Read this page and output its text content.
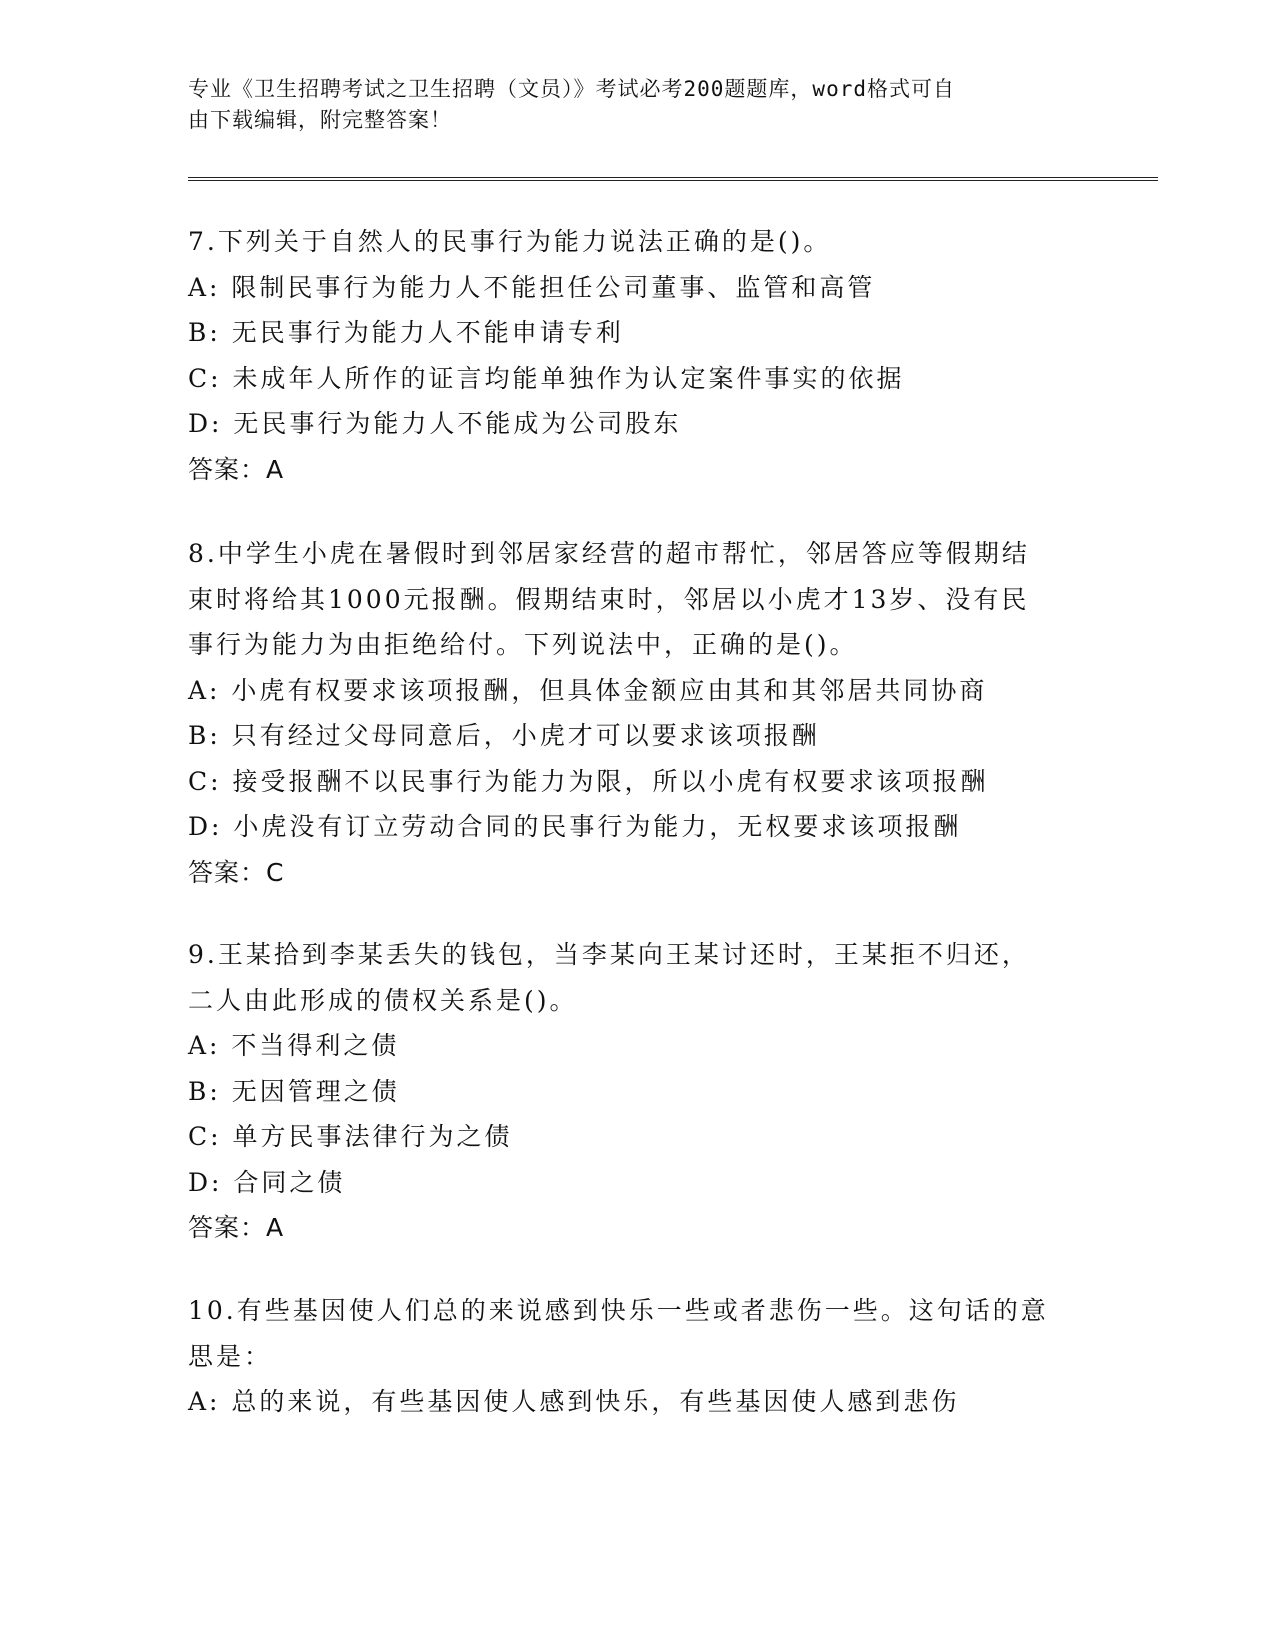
专业《卫生招聘考试之卫生招聘（文员）》考试必考200题题库，word格式可自
由下载编辑，附完整答案！
7.下列关于自然人的民事行为能力说法正确的是()。
A: 限制民事行为能力人不能担任公司董事、监管和高管
B: 无民事行为能力人不能申请专利
C: 未成年人所作的证言均能单独作为认定案件事实的依据
D: 无民事行为能力人不能成为公司股东
答案：A
8.中学生小虎在暑假时到邻居家经营的超市帮忙，邻居答应等假期结
束时将给其1000元报酬。假期结束时，邻居以小虎才13岁、没有民
事行为能力为由拒绝给付。下列说法中，正确的是()。
A: 小虎有权要求该项报酬，但具体金额应由其和其邻居共同协商
B: 只有经过父母同意后，小虎才可以要求该项报酬
C: 接受报酬不以民事行为能力为限，所以小虎有权要求该项报酬
D: 小虎没有订立劳动合同的民事行为能力，无权要求该项报酬
答案：C
9.王某拾到李某丢失的钱包，当李某向王某讨还时，王某拒不归还，
二人由此形成的债权关系是()。
A: 不当得利之债
B: 无因管理之债
C: 单方民事法律行为之债
D: 合同之债
答案：A
10.有些基因使人们总的来说感到快乐一些或者悲伤一些。这句话的意
思是：
A: 总的来说，有些基因使人感到快乐，有些基因使人感到悲伤
